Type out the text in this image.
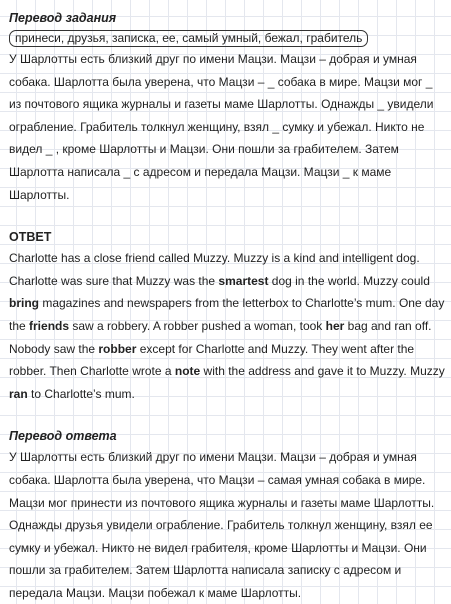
Перевод задания
принеси, друзья, записка, ее, самый умный, бежал, грабитель

У Шарлотты есть близкий друг по имени Мацзи. Мацзи – добрая и умная собака. Шарлотта была уверена, что Мацзи – _ собака в мире. Мацзи мог _ из почтового ящика журналы и газеты маме Шарлотты. Однажды _ увидели ограбление. Грабитель толкнул женщину, взял _ сумку и убежал. Никто не видел _ , кроме Шарлотты и Мацзи. Они пошли за грабителем. Затем Шарлотта написала _ с адресом и передала Мацзи. Мацзи _ к маме Шарлотты.

ОТВЕТ

Charlotte has a close friend called Muzzy. Muzzy is a kind and intelligent dog. Charlotte was sure that Muzzy was the smartest dog in the world. Muzzy could bring magazines and newspapers from the letterbox to Charlotte’s mum. One day the friends saw a robbery. A robber pushed a woman, took her bag and ran off. Nobody saw the robber except for Charlotte and Muzzy. They went after the robber. Then Charlotte wrote a note with the address and gave it to Muzzy. Muzzy ran to Charlotte’s mum.

Перевод ответа

У Шарлотты есть близкий друг по имени Мацзи. Мацзи – добрая и умная собака. Шарлотта была уверена, что Мацзи – самая умная собака в мире. Мацзи мог принести из почтового ящика журналы и газеты маме Шарлотты. Однажды друзья увидели ограбление. Грабитель толкнул женщину, взял ее сумку и убежал. Никто не видел грабителя, кроме Шарлотты и Мацзи. Они пошли за грабителем. Затем Шарлотта написала записку с адресом и передала Мацзи. Мацзи побежал к маме Шарлотты.
